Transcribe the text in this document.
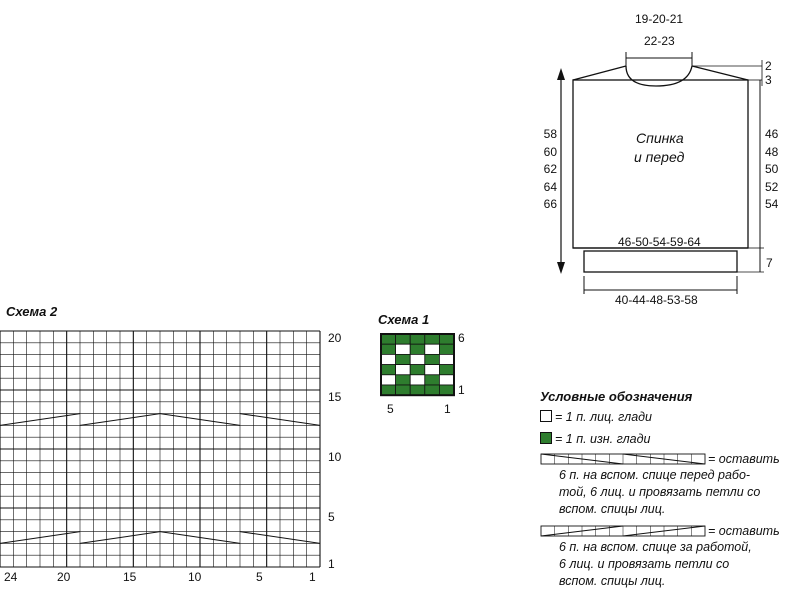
19-20-21
22-23
2
3
58
60
62
64
66
46
48
50
52
54
Спинка
и перед
46-50-54-59-64
7
40-44-48-53-58
Схема 1
6
1
5	1
Схема 2
20
15
10
5
1
24	20	15	10	5	1
Условные обозначения
= 1 п. лиц. глади
= 1 п. изн. глади
= оставить
6 п. на вспом. спице перед рабо-
той, 6 лиц. и провязать петли со
вспом. спицы лиц.
= оставить
6 п. на вспом. спице за работой,
6 лиц. и провязать петли со
вспом. спицы лиц.
